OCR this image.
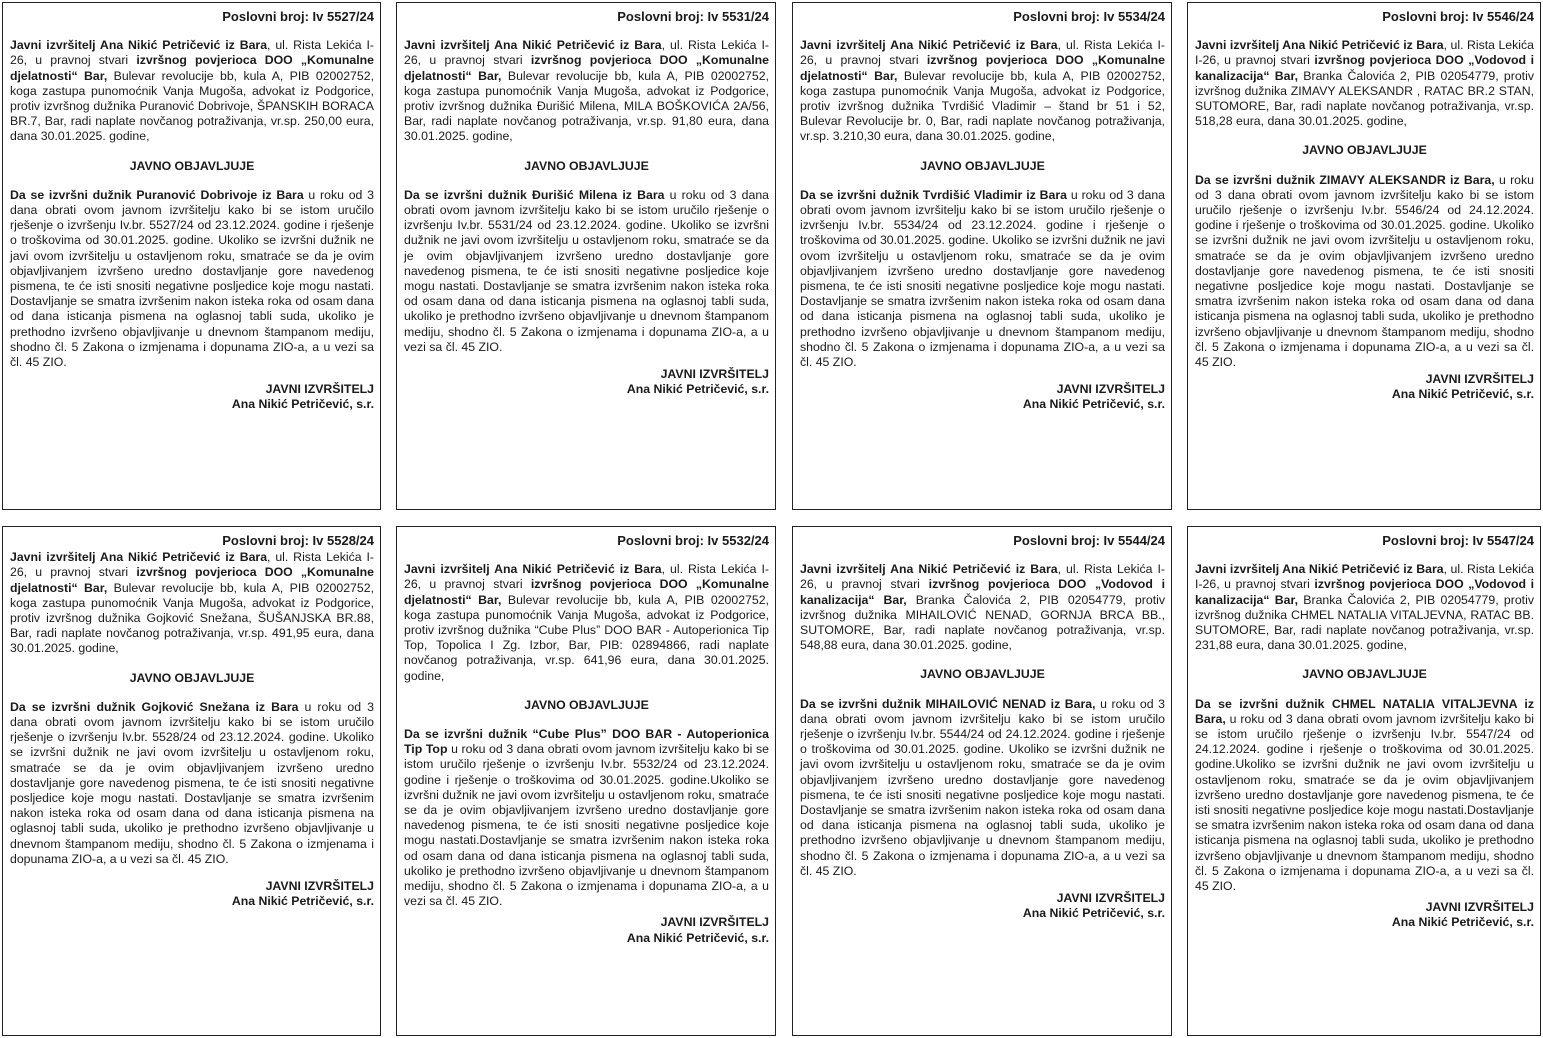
Poslovni broj: Iv 5527/24

Javni izvršitelj Ana Nikić Petričević iz Bara, ul. Rista Lekića I-26, u pravnoj stvari izvršnog povjerioca DOO „Komunalne djelatnosti“ Bar, Bulevar revolucije bb, kula A, PIB 02002752, koga zastupa punomoćnik Vanja Mugoša, advokat iz Podgorice, protiv izvršnog dužnika Puranović Dobrivoje, ŠPANSKIH BORACA BR.7, Bar, radi naplate novčanog potraživanja, vr.sp. 250,00 eura, dana 30.01.2025. godine,

JAVNO OBJAVLJUJE

Da se izvršni dužnik Puranović Dobrivoje iz Bara u roku od 3 dana obrati ovom javnom izvršitelju kako bi se istom uručilo rješenje o izvršenju Iv.br. 5527/24 od 23.12.2024. godine i rješenje o troškovima od 30.01.2025. godine. Ukoliko se izvršni dužnik ne javi ovom izvršitelju u ostavljenom roku, smatraće se da je ovim objavljivanjem izvršeno uredno dostavljanje gore navedenog pismena, te će isti snositi negativne posljedice koje mogu nastati. Dostavljanje se smatra izvršenim nakon isteka roka od osam dana od dana isticanja pismena na oglasnoj tabli suda, ukoliko je prethodno izvršeno objavljivanje u dnevnom štampanom mediju, shodno čl. 5 Zakona o izmjenama i dopunama ZIO-a, a u vezi sa čl. 45 ZIO.

JAVNI IZVRŠITELJ
Ana Nikić Petričević, s.r.
Poslovni broj: Iv 5531/24

Javni izvršitelj Ana Nikić Petričević iz Bara, ul. Rista Lekića I-26, u pravnoj stvari izvršnog povjerioca DOO „Komunalne djelatnosti“ Bar, Bulevar revolucije bb, kula A, PIB 02002752, koga zastupa punomoćnik Vanja Mugoša, advokat iz Podgorice, protiv izvršnog dužnika Đurišić Milena, MILA BOŠKOVIĆA 2A/56, Bar, radi naplate novčanog potraživanja, vr.sp. 91,80 eura, dana 30.01.2025. godine,

JAVNO OBJAVLJUJE

Da se izvršni dužnik Đurišić Milena iz Bara u roku od 3 dana obrati ovom javnom izvršitelju kako bi se istom uručilo rješenje o izvršenju Iv.br. 5531/24 od 23.12.2024. godine. Ukoliko se izvršni dužnik ne javi ovom izvršitelju u ostavljenom roku, smatraće se da je ovim objavljivanjem izvršeno uredno dostavljanje gore navedenog pismena, te će isti snositi negativne posljedice koje mogu nastati. Dostavljanje se smatra izvršenim nakon isteka roka od osam dana od dana isticanja pismena na oglasnoj tabli suda, ukoliko je prethodno izvršeno objavljivanje u dnevnom štampanom mediju, shodno čl. 5 Zakona o izmjenama i dopunama ZIO-a, a u vezi sa čl. 45 ZIO.

JAVNI IZVRŠITELJ
Ana Nikić Petričević, s.r.
Poslovni broj: Iv 5534/24

Javni izvršitelj Ana Nikić Petričević iz Bara, ul. Rista Lekića I-26, u pravnoj stvari izvršnog povjerioca DOO „Komunalne djelatnosti“ Bar, Bulevar revolucije bb, kula A, PIB 02002752, koga zastupa punomoćnik Vanja Mugoša, advokat iz Podgorice, protiv izvršnog dužnika Tvrdišić Vladimir – štand br 51 i 52, Bulevar Revolucije br. 0, Bar, radi naplate novčanog potraživanja, vr.sp. 3.210,30 eura, dana 30.01.2025. godine,

JAVNO OBJAVLJUJE

Da se izvršni dužnik Tvrdišić Vladimir iz Bara u roku od 3 dana obrati ovom javnom izvršitelju kako bi se istom uručilo rješenje o izvršenju Iv.br. 5534/24 od 23.12.2024. godine i rješenje o troškovima od 30.01.2025. godine. Ukoliko se izvršni dužnik ne javi ovom izvršitelju u ostavljenom roku, smatraće se da je ovim objavljivanjem izvršeno uredno dostavljanje gore navedenog pismena, te će isti snositi negativne posljedice koje mogu nastati. Dostavljanje se smatra izvršenim nakon isteka roka od osam dana od dana isticanja pismena na oglasnoj tabli suda, ukoliko je prethodno izvršeno objavljivanje u dnevnom štampanom mediju, shodno čl. 5 Zakona o izmjenama i dopunama ZIO-a, a u vezi sa čl. 45 ZIO.

JAVNI IZVRŠITELJ
Ana Nikić Petričević, s.r.
Poslovni broj: Iv 5546/24

Javni izvršitelj Ana Nikić Petričević iz Bara, ul. Rista Lekića I-26, u pravnoj stvari izvršnog povjerioca DOO „Vodovod i kanalizacija“ Bar, Branka Čalovića 2, PIB 02054779, protiv izvršnog dužnika ZIMAVY ALEKSANDR , RATAC BR.2 STAN, SUTOMORE, Bar, radi naplate novčanog potraživanja, vr.sp. 518,28 eura, dana 30.01.2025. godine,

JAVNO OBJAVLJUJE

Da se izvršni dužnik ZIMAVY ALEKSANDR iz Bara, u roku od 3 dana obrati ovom javnom izvršitelju kako bi se istom uručilo rješenje o izvršenju Iv.br. 5546/24 od 24.12.2024. godine i rješenje o troškovima od 30.01.2025. godine. Ukoliko se izvršni dužnik ne javi ovom izvršitelju u ostavljenom roku, smatraće se da je ovim objavljivanjem izvršeno uredno dostavljanje gore navedenog pismena, te će isti snositi negativne posljedice koje mogu nastati. Dostavljanje se smatra izvršenim nakon isteka roka od osam dana od dana isticanja pismena na oglasnoj tabli suda, ukoliko je prethodno izvršeno objavljivanje u dnevnom štampanom mediju, shodno čl. 5 Zakona o izmjenama i dopunama ZIO-a, a u vezi sa čl. 45 ZIO.

JAVNI IZVRŠITELJ
Ana Nikić Petričević, s.r.
Poslovni broj: Iv 5528/24

Javni izvršitelj Ana Nikić Petričević iz Bara, ul. Rista Lekića I-26, u pravnoj stvari izvršnog povjerioca DOO „Komunalne djelatnosti“ Bar, Bulevar revolucije bb, kula A, PIB 02002752, koga zastupa punomoćnik Vanja Mugoša, advokat iz Podgorice, protiv izvršnog dužnika Gojković Snežana, ŠUŠANJSKA BR.88, Bar, radi naplate novčanog potraživanja, vr.sp. 491,95 eura, dana 30.01.2025. godine,

JAVNO OBJAVLJUJE

Da se izvršni dužnik Gojković Snežana iz Bara u roku od 3 dana obrati ovom javnom izvršitelju kako bi se istom uručilo rješenje o izvršenju Iv.br. 5528/24 od 23.12.2024. godine. Ukoliko se izvršni dužnik ne javi ovom izvršitelju u ostavljenom roku, smatraće se da je ovim objavljivanjem izvršeno uredno dostavljanje gore navedenog pismena, te će isti snositi negativne posljedice koje mogu nastati. Dostavljanje se smatra izvršenim nakon isteka roka od osam dana od dana isticanja pismena na oglasnoj tabli suda, ukoliko je prethodno izvršeno objavljivanje u dnevnom štampanom mediju, shodno čl. 5 Zakona o izmjenama i dopunama ZIO-a, a u vezi sa čl. 45 ZIO.

JAVNI IZVRŠITELJ
Ana Nikić Petričević, s.r.
Poslovni broj: Iv 5532/24

Javni izvršitelj Ana Nikić Petričević iz Bara, ul. Rista Lekića I-26, u pravnoj stvari izvršnog povjerioca DOO „Komunalne djelatnosti“ Bar, Bulevar revolucije bb, kula A, PIB 02002752, koga zastupa punomoćnik Vanja Mugoša, advokat iz Podgorice, protiv izvršnog dužnika “Cube Plus” DOO BAR - Autoperionica Tip Top, Topolica I Zg. Izbor, Bar, PIB: 02894866, radi naplate novčanog potraživanja, vr.sp. 641,96 eura, dana 30.01.2025. godine,

JAVNO OBJAVLJUJE

Da se izvršni dužnik “Cube Plus” DOO BAR - Autoperionica Tip Top u roku od 3 dana obrati ovom javnom izvršitelju kako bi se istom uručilo rješenje o izvršenju Iv.br. 5532/24 od 23.12.2024. godine i rješenje o troškovima od 30.01.2025. godine.Ukoliko se izvršni dužnik ne javi ovom izvršitelju u ostavljenom roku, smatraće se da je ovim objavljivanjem izvršeno uredno dostavljanje gore navedenog pismena, te će isti snositi negativne posljedice koje mogu nastati.Dostavljanje se smatra izvršenim nakon isteka roka od osam dana od dana isticanja pismena na oglasnoj tabli suda, ukoliko je prethodno izvršeno objavljivanje u dnevnom štampanom mediju, shodno čl. 5 Zakona o izmjenama i dopunama ZIO-a, a u vezi sa čl. 45 ZIO.

JAVNI IZVRŠITELJ
Ana Nikić Petričević, s.r.
Poslovni broj: Iv 5544/24

Javni izvršitelj Ana Nikić Petričević iz Bara, ul. Rista Lekića I-26, u pravnoj stvari izvršnog povjerioca DOO „Vodovod i kanalizacija“ Bar, Branka Čalovića 2, PIB 02054779, protiv izvršnog dužnika MIHAILOVIĆ NENAD, GORNJA BRCA BB., SUTOMORE, Bar, radi naplate novčanog potraživanja, vr.sp. 548,88 eura, dana 30.01.2025. godine,

JAVNO OBJAVLJUJE

Da se izvršni dužnik MIHAILOVIĆ NENAD iz Bara, u roku od 3 dana obrati ovom javnom izvršitelju kako bi se istom uručilo rješenje o izvršenju Iv.br. 5544/24 od 24.12.2024. godine i rješenje o troškovima od 30.01.2025. godine. Ukoliko se izvršni dužnik ne javi ovom izvršitelju u ostavljenom roku, smatraće se da je ovim objavljivanjem izvršeno uredno dostavljanje gore navedenog pismena, te će isti snositi negativne posljedice koje mogu nastati. Dostavljanje se smatra izvršenim nakon isteka roka od osam dana od dana isticanja pismena na oglasnoj tabli suda, ukoliko je prethodno izvršeno objavljivanje u dnevnom štampanom mediju, shodno čl. 5 Zakona o izmjenama i dopunama ZIO-a, a u vezi sa čl. 45 ZIO.

JAVNI IZVRŠITELJ
Ana Nikić Petričević, s.r.
Poslovni broj: Iv 5547/24

Javni izvršitelj Ana Nikić Petričević iz Bara, ul. Rista Lekića I-26, u pravnoj stvari izvršnog povjerioca DOO „Vodovod i kanalizacija“ Bar, Branka Čalovića 2, PIB 02054779, protiv izvršnog dužnika CHMEL NATALIA VITALJEVNA, RATAC BB. SUTOMORE, Bar, radi naplate novčanog potraživanja, vr.sp. 231,88 eura, dana 30.01.2025. godine,

JAVNO OBJAVLJUJE

Da se izvršni dužnik CHMEL NATALIA VITALJEVNA iz Bara, u roku od 3 dana obrati ovom javnom izvršitelju kako bi se istom uručilo rješenje o izvršenju Iv.br. 5547/24 od 24.12.2024. godine i rješenje o troškovima od 30.01.2025. godine.Ukoliko se izvršni dužnik ne javi ovom izvršitelju u ostavljenom roku, smatraće se da je ovim objavljivanjem izvršeno uredno dostavljanje gore navedenog pismena, te će isti snositi negativne posljedice koje mogu nastati.Dostavljanje se smatra izvršenim nakon isteka roka od osam dana od dana isticanja pismena na oglasnoj tabli suda, ukoliko je prethodno izvršeno objavljivanje u dnevnom štampanom mediju, shodno čl. 5 Zakona o izmjenama i dopunama ZIO-a, a u vezi sa čl. 45 ZIO.

JAVNI IZVRŠITELJ
Ana Nikić Petričević, s.r.
